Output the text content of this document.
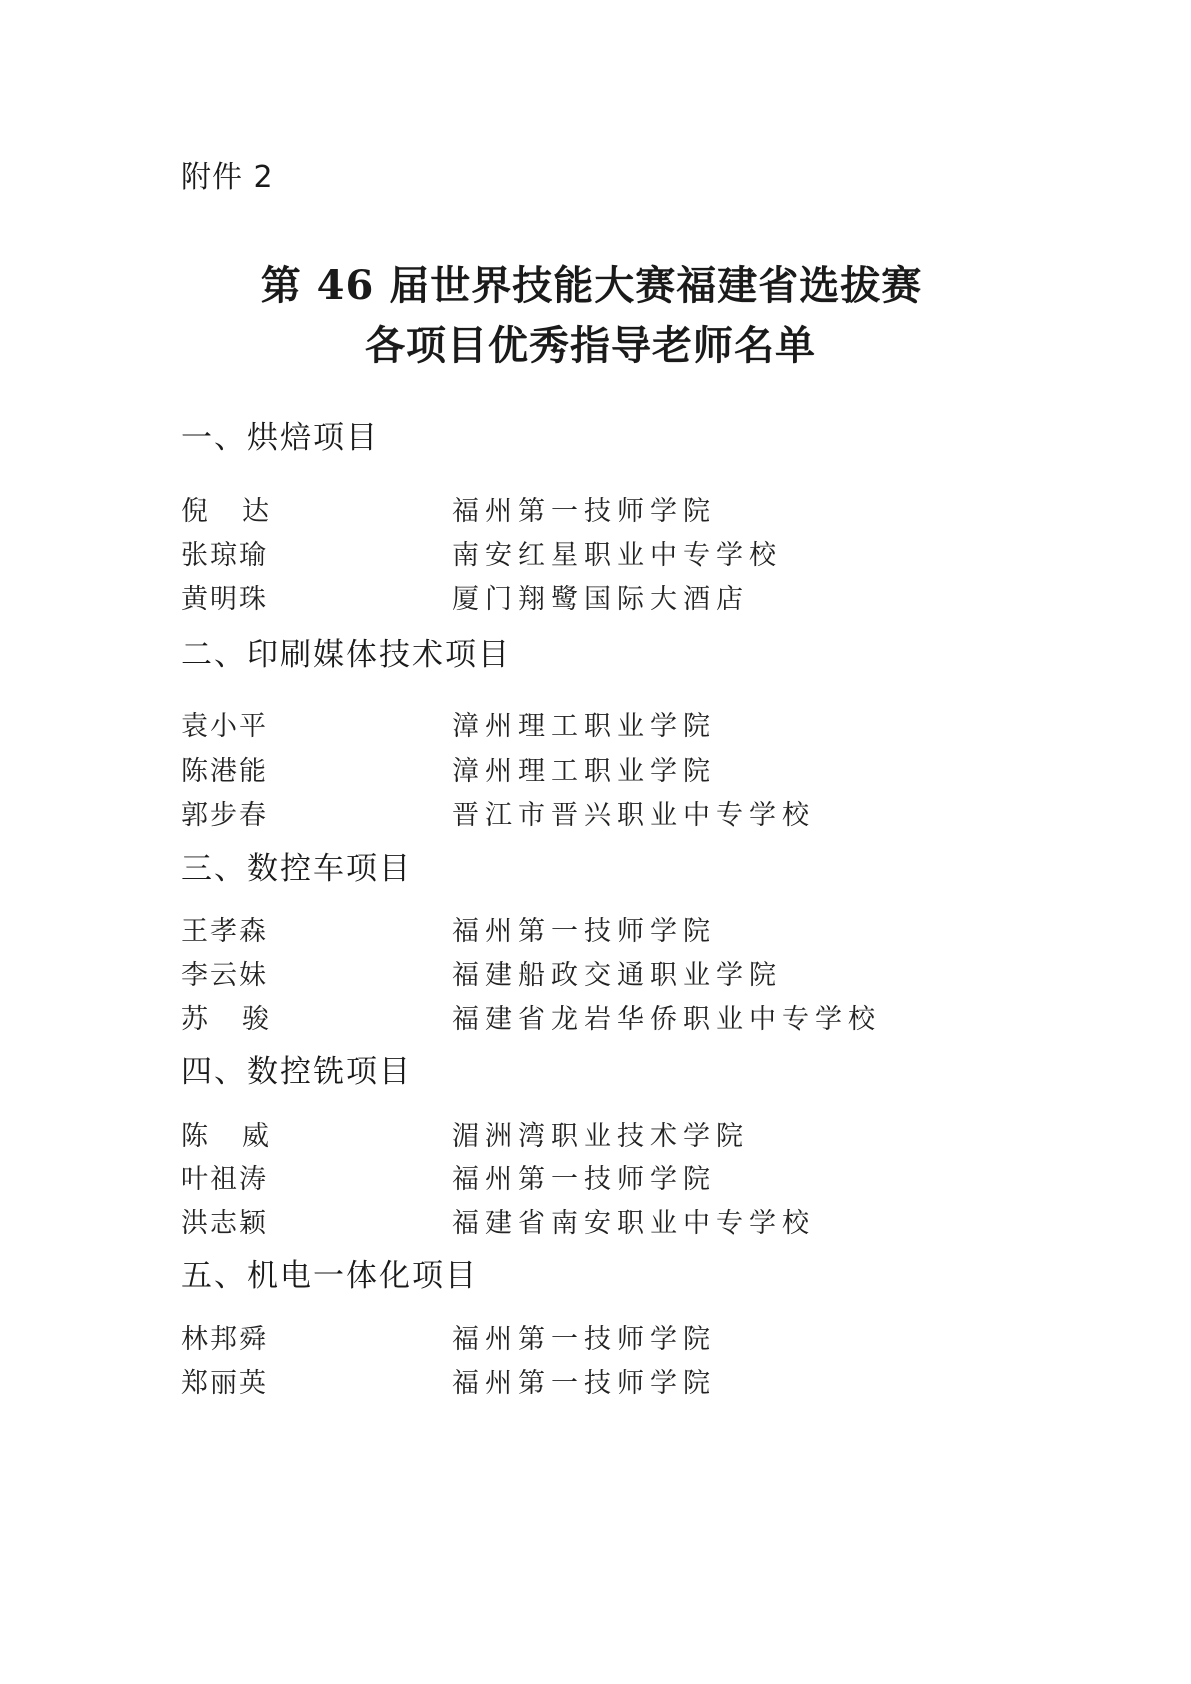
附件 2
第 46 届世界技能大赛福建省选拔赛
各项目优秀指导老师名单
一、烘焙项目
倪达	福州第一技师学院
张琼瑜	南安红星职业中专学校
黄明珠	厦门翔鹭国际大酒店
二、印刷媒体技术项目
袁小平	漳州理工职业学院
陈港能	漳州理工职业学院
郭步春	晋江市晋兴职业中专学校
三、数控车项目
王孝森	福州第一技师学院
李云妹	福建船政交通职业学院
苏骏	福建省龙岩华侨职业中专学校
四、数控铣项目
陈威	湄洲湾职业技术学院
叶祖涛	福州第一技师学院
洪志颖	福建省南安职业中专学校
五、机电一体化项目
林邦舜	福州第一技师学院
郑丽英	福州第一技师学院
